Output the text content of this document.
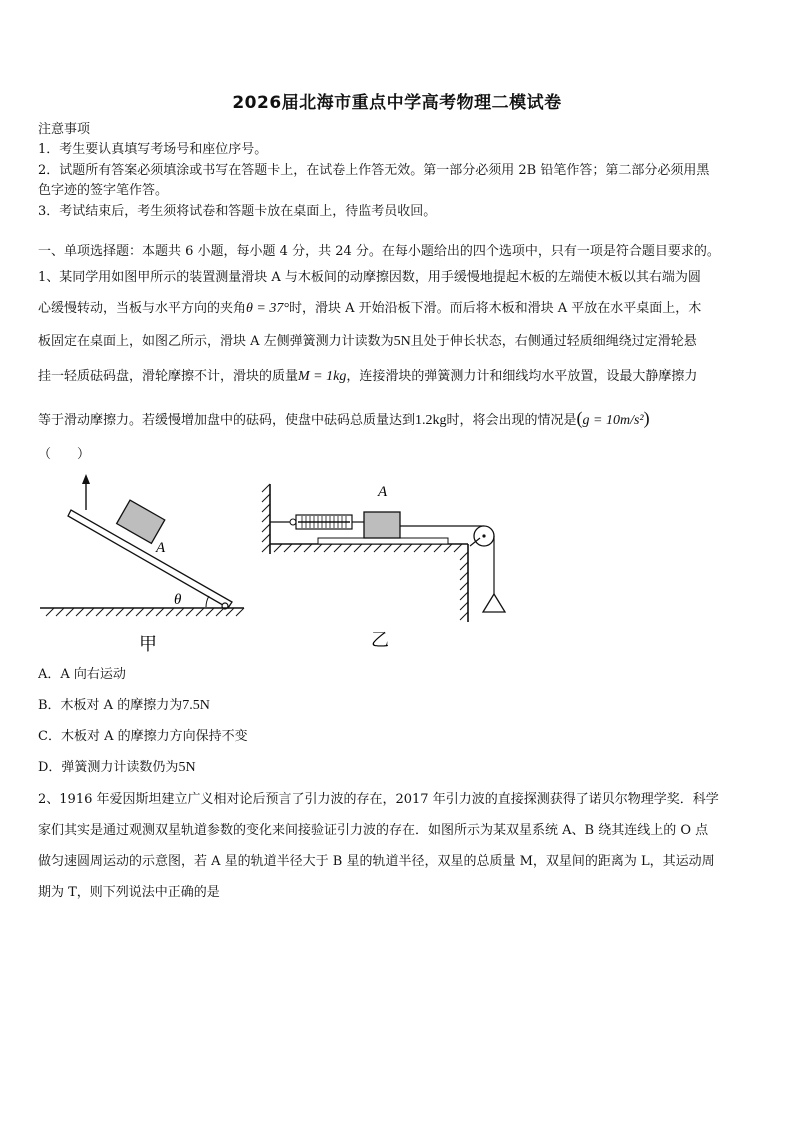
2026届北海市重点中学高考物理二模试卷
注意事项
1．考生要认真填写考场号和座位序号。
2．试题所有答案必须填涂或书写在答题卡上，在试卷上作答无效。第一部分必须用 2B 铅笔作答；第二部分必须用黑
色字迹的签字笔作答。
3．考试结束后，考生须将试卷和答题卡放在桌面上，待监考员收回。
一、单项选择题：本题共 6 小题，每小题 4 分，共 24 分。在每小题给出的四个选项中，只有一项是符合题目要求的。
1、某同学用如图甲所示的装置测量滑块 A 与木板间的动摩擦因数，用手缓慢地提起木板的左端使木板以其右端为圆
心缓慢转动，当板与水平方向的夹角θ = 37°时，滑块 A 开始沿板下滑。而后将木板和滑块 A 平放在水平桌面上，木
板固定在桌面上，如图乙所示，滑块 A 左侧弹簧测力计读数为5N且处于伸长状态，右侧通过轻质细绳绕过定滑轮悬
挂一轻质砝码盘，滑轮摩擦不计，滑块的质量M = 1kg，连接滑块的弹簧测力计和细线均水平放置，设最大静摩擦力
等于滑动摩擦力。若缓慢增加盘中的砝码，使盘中砝码总质量达到1.2kg时，将会出现的情况是(g = 10m/s²)
（　　）
A
θ
甲
A
乙
A．A 向右运动
B．木板对 A 的摩擦力为7.5N
C．木板对 A 的摩擦力方向保持不变
D．弹簧测力计读数仍为5N
2、1916 年爱因斯坦建立广义相对论后预言了引力波的存在，2017 年引力波的直接探测获得了诺贝尔物理学奖．科学
家们其实是通过观测双星轨道参数的变化来间接验证引力波的存在．如图所示为某双星系统 A、B 绕其连线上的 O 点
做匀速圆周运动的示意图，若 A 星的轨道半径大于 B 星的轨道半径，双星的总质量 M，双星间的距离为 L，其运动周
期为 T，则下列说法中正确的是
